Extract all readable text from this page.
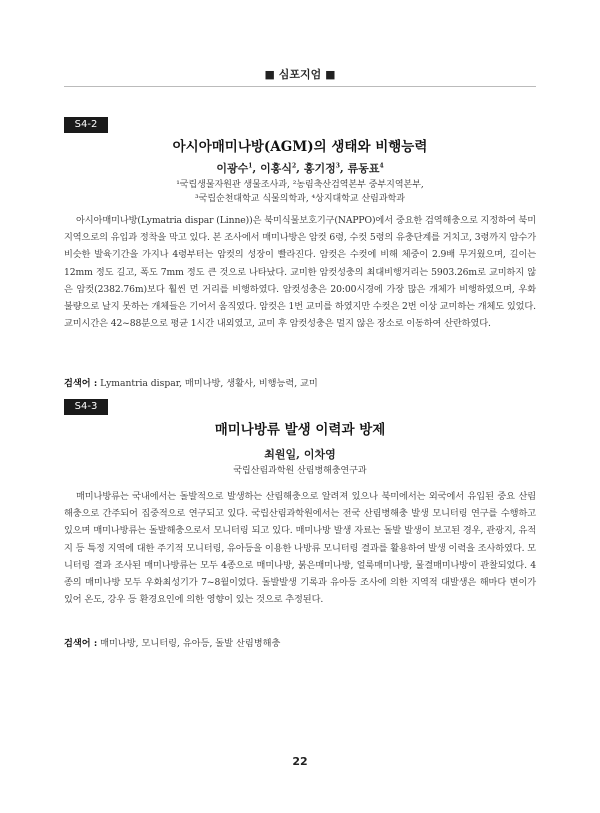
■ 심포지엄 ■
S4-2
아시아매미나방(AGM)의 생태와 비행능력
이광수$^1$, 이홍식$^2$, 홍기정$^3$, 류동표$^4$
¹국립생물자원관 생물조사과, ²농림축산검역본부 중부지역본부,
³국립순천대학교 식물의학과, ⁴상지대학교 산림과학과

아시아매미나방(Lymatria dispar (Linne))은 북미식물보호기구(NAPPO)에서 중요한 검역해충으로 지정하여 북미지역으로의 유입과 정착을 막고 있다. 본 조사에서 매미나방은 암컷 6령, 수컷 5령의 유충단계를 거치고, 3령까지 암수가 비슷한 발육기간을 가지나 4령부터는 암컷의 성장이 빨라진다. 암컷은 수컷에 비해 체중이 2.9배 무거웠으며, 길이는 12mm 정도 길고, 폭도 7mm 정도 큰 것으로 나타났다. 교미한 암컷성충의 최대비행거리는 5903.26m로 교미하지 않은 암컷(2382.76m)보다 훨씬 먼 거리를 비행하였다. 암컷성충은 20:00시경에 가장 많은 개체가 비행하였으며, 우화 불량으로 날지 못하는 개체들은 기어서 움직였다. 암컷은 1번 교미를 하였지만 수컷은 2번 이상 교미하는 개체도 있었다. 교미시간은 42~88분으로 평균 1시간 내외였고, 교미 후 암컷성충은 멀지 않은 장소로 이동하여 산란하였다.

검색어 : Lymantria dispar, 매미나방, 생활사, 비행능력, 교미
S4-3
매미나방류 발생 이력과 방제
최원일, 이차영
국립산림과학원 산림병해충연구과

매미나방류는 국내에서는 돌발적으로 발생하는 산림해충으로 알려져 있으나 북미에서는 외국에서 유입된 중요 산림해충으로 간주되어 집중적으로 연구되고 있다. 국립산림과학원에서는 전국 산림병해충 발생 모니터링 연구를 수행하고 있으며 매미나방류는 돌발해충으로서 모니터링 되고 있다. 매미나방 발생 자료는 돌발 발생이 보고된 경우, 관광지, 유적지 등 특정 지역에 대한 주기적 모니터링, 유아등을 이용한 나방류 모니터링 결과를 활용하여 발생 이력을 조사하였다. 모니터링 결과 조사된 매미나방류는 모두 4종으로 매미나방, 붉은매미나방, 얼룩매미나방, 물결매미나방이 관찰되었다. 4종의 매미나방 모두 우화최성기가 7~8월이었다. 돌발발생 기록과 유아등 조사에 의한 지역적 대발생은 해마다 변이가 있어 온도, 강우 등 환경요인에 의한 영향이 있는 것으로 추정된다.

검색어 : 매미나방, 모니터링, 유아등, 돌발 산림병해충
22
